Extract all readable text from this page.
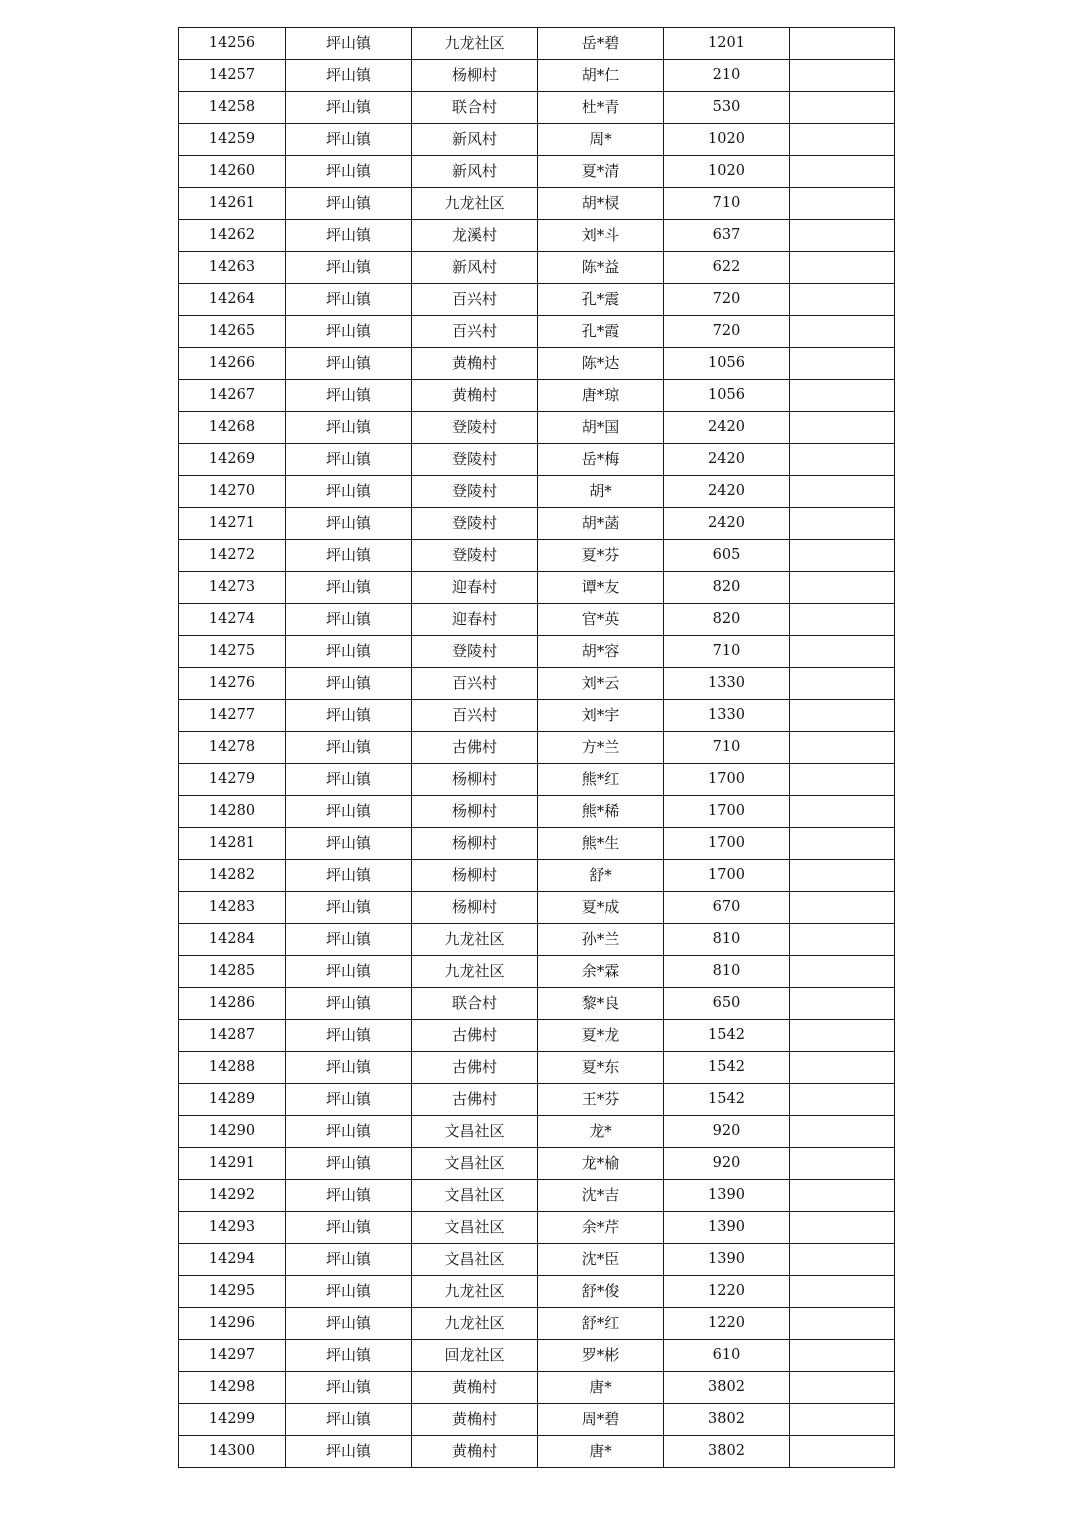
14256	坪山镇	九龙社区	岳*碧	1201	
14257	坪山镇	杨柳村	胡*仁	210	
14258	坪山镇	联合村	杜*青	530	
14259	坪山镇	新风村	周*	1020	
14260	坪山镇	新风村	夏*清	1020	
14261	坪山镇	九龙社区	胡*棂	710	
14262	坪山镇	龙溪村	刘*斗	637	
14263	坪山镇	新风村	陈*益	622	
14264	坪山镇	百兴村	孔*震	720	
14265	坪山镇	百兴村	孔*霞	720	
14266	坪山镇	黄桷村	陈*达	1056	
14267	坪山镇	黄桷村	唐*琼	1056	
14268	坪山镇	登陵村	胡*国	2420	
14269	坪山镇	登陵村	岳*梅	2420	
14270	坪山镇	登陵村	胡*	2420	
14271	坪山镇	登陵村	胡*菡	2420	
14272	坪山镇	登陵村	夏*芬	605	
14273	坪山镇	迎春村	谭*友	820	
14274	坪山镇	迎春村	官*英	820	
14275	坪山镇	登陵村	胡*容	710	
14276	坪山镇	百兴村	刘*云	1330	
14277	坪山镇	百兴村	刘*宇	1330	
14278	坪山镇	古佛村	方*兰	710	
14279	坪山镇	杨柳村	熊*红	1700	
14280	坪山镇	杨柳村	熊*稀	1700	
14281	坪山镇	杨柳村	熊*生	1700	
14282	坪山镇	杨柳村	舒*	1700	
14283	坪山镇	杨柳村	夏*成	670	
14284	坪山镇	九龙社区	孙*兰	810	
14285	坪山镇	九龙社区	余*霖	810	
14286	坪山镇	联合村	黎*良	650	
14287	坪山镇	古佛村	夏*龙	1542	
14288	坪山镇	古佛村	夏*东	1542	
14289	坪山镇	古佛村	王*芬	1542	
14290	坪山镇	文昌社区	龙*	920	
14291	坪山镇	文昌社区	龙*榆	920	
14292	坪山镇	文昌社区	沈*吉	1390	
14293	坪山镇	文昌社区	余*芹	1390	
14294	坪山镇	文昌社区	沈*臣	1390	
14295	坪山镇	九龙社区	舒*俊	1220	
14296	坪山镇	九龙社区	舒*红	1220	
14297	坪山镇	回龙社区	罗*彬	610	
14298	坪山镇	黄桷村	唐*	3802	
14299	坪山镇	黄桷村	周*碧	3802	
14300	坪山镇	黄桷村	唐*	3802	
